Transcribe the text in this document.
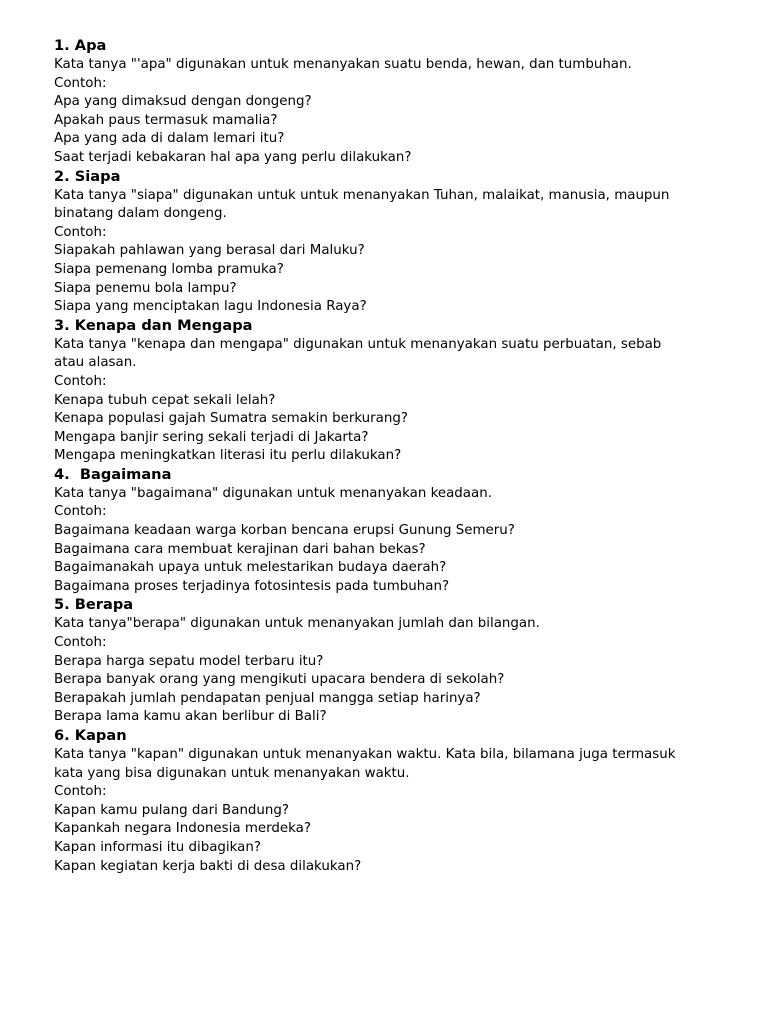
1. Apa
Kata tanya "'apa" digunakan untuk menanyakan suatu benda, hewan, dan tumbuhan.
Contoh:
Apa yang dimaksud dengan dongeng?
Apakah paus termasuk mamalia?
Apa yang ada di dalam lemari itu?
Saat terjadi kebakaran hal apa yang perlu dilakukan?
2. Siapa
Kata tanya "siapa" digunakan untuk untuk menanyakan Tuhan, malaikat, manusia, maupun
binatang dalam dongeng.
Contoh:
Siapakah pahlawan yang berasal dari Maluku?
Siapa pemenang lomba pramuka?
Siapa penemu bola lampu?
Siapa yang menciptakan lagu Indonesia Raya?
3. Kenapa dan Mengapa
Kata tanya "kenapa dan mengapa" digunakan untuk menanyakan suatu perbuatan, sebab
atau alasan.
Contoh:
Kenapa tubuh cepat sekali lelah?
Kenapa populasi gajah Sumatra semakin berkurang?
Mengapa banjir sering sekali terjadi di Jakarta?
Mengapa meningkatkan literasi itu perlu dilakukan?
4.  Bagaimana
Kata tanya "bagaimana" digunakan untuk menanyakan keadaan.
Contoh:
Bagaimana keadaan warga korban bencana erupsi Gunung Semeru?
Bagaimana cara membuat kerajinan dari bahan bekas?
Bagaimanakah upaya untuk melestarikan budaya daerah?
Bagaimana proses terjadinya fotosintesis pada tumbuhan?
5. Berapa
Kata tanya"berapa" digunakan untuk menanyakan jumlah dan bilangan.
Contoh:
Berapa harga sepatu model terbaru itu?
Berapa banyak orang yang mengikuti upacara bendera di sekolah?
Berapakah jumlah pendapatan penjual mangga setiap harinya?
Berapa lama kamu akan berlibur di Bali?
6. Kapan
Kata tanya "kapan" digunakan untuk menanyakan waktu. Kata bila, bilamana juga termasuk
kata yang bisa digunakan untuk menanyakan waktu.
Contoh:
Kapan kamu pulang dari Bandung?
Kapankah negara Indonesia merdeka?
Kapan informasi itu dibagikan?
Kapan kegiatan kerja bakti di desa dilakukan?
